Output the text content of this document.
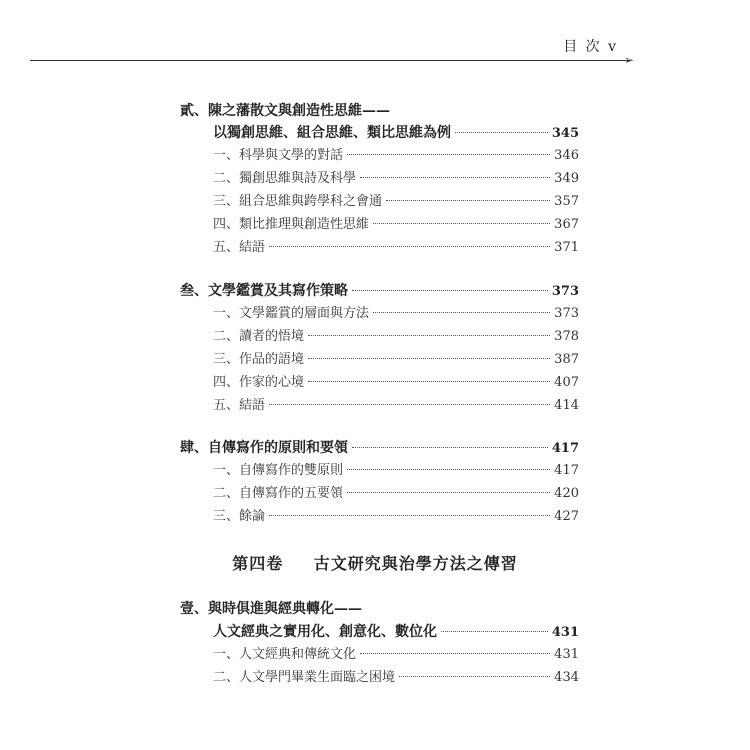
目 次 v
➢
貳、陳之藩散文與創造性思維——
以獨創思維、組合思維、類比思維為例	345
一、科學與文學的對話	346
二、獨創思維與詩及科學	349
三、組合思維與跨學科之會通	357
四、類比推理與創造性思維	367
五、結語	371
叁、文學鑑賞及其寫作策略	373
一、文學鑑賞的層面與方法	373
二、讀者的悟境	378
三、作品的語境	387
四、作家的心境	407
五、結語	414
肆、自傳寫作的原則和要領	417
一、自傳寫作的雙原則	417
二、自傳寫作的五要領	420
三、餘論	427
第四卷 古文研究與治學方法之傳習
壹、與時俱進與經典轉化——
人文經典之實用化、創意化、數位化	431
一、人文經典和傳統文化	431
二、人文學門畢業生面臨之困境	434
